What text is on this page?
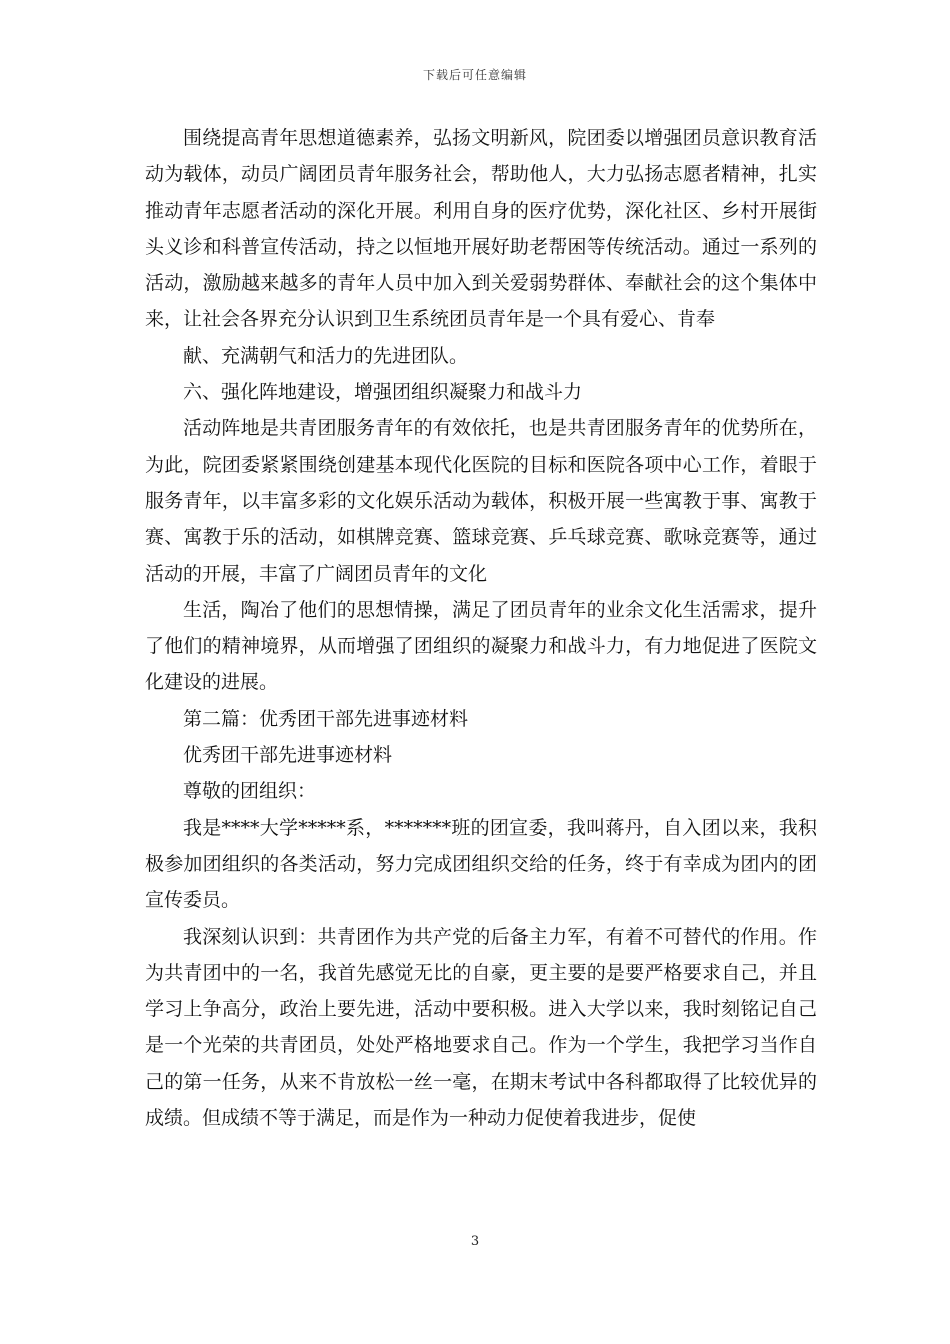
下载后可任意编辑

围绕提高青年思想道德素养，弘扬文明新风，院团委以增强团员意识教育活动为载体，动员广阔团员青年服务社会，帮助他人，大力弘扬志愿者精神，扎实推动青年志愿者活动的深化开展。利用自身的医疗优势，深化社区、乡村开展街头义诊和科普宣传活动，持之以恒地开展好助老帮困等传统活动。通过一系列的活动，激励越来越多的青年人员中加入到关爱弱势群体、奉献社会的这个集体中来，让社会各界充分认识到卫生系统团员青年是一个具有爱心、肯奉

献、充满朝气和活力的先进团队。

六、强化阵地建设，增强团组织凝聚力和战斗力

活动阵地是共青团服务青年的有效依托，也是共青团服务青年的优势所在，为此，院团委紧紧围绕创建基本现代化医院的目标和医院各项中心工作，着眼于服务青年，以丰富多彩的文化娱乐活动为载体，积极开展一些寓教于事、寓教于赛、寓教于乐的活动，如棋牌竞赛、篮球竞赛、乒乓球竞赛、歌咏竞赛等，通过活动的开展，丰富了广阔团员青年的文化

生活，陶冶了他们的思想情操，满足了团员青年的业余文化生活需求，提升了他们的精神境界，从而增强了团组织的凝聚力和战斗力，有力地促进了医院文化建设的进展。

第二篇：优秀团干部先进事迹材料

优秀团干部先进事迹材料

尊敬的团组织：

我是****大学*****系，*******班的团宣委，我叫蒋丹，自入团以来，我积极参加团组织的各类活动，努力完成团组织交给的任务，终于有幸成为团内的团宣传委员。

我深刻认识到：共青团作为共产党的后备主力军，有着不可替代的作用。作为共青团中的一名，我首先感觉无比的自豪，更主要的是要严格要求自己，并且学习上争高分，政治上要先进，活动中要积极。进入大学以来，我时刻铭记自己是一个光荣的共青团员，处处严格地要求自己。作为一个学生，我把学习当作自己的第一任务，从来不肯放松一丝一毫，在期末考试中各科都取得了比较优异的成绩。但成绩不等于满足，而是作为一种动力促使着我进步，促使

3
